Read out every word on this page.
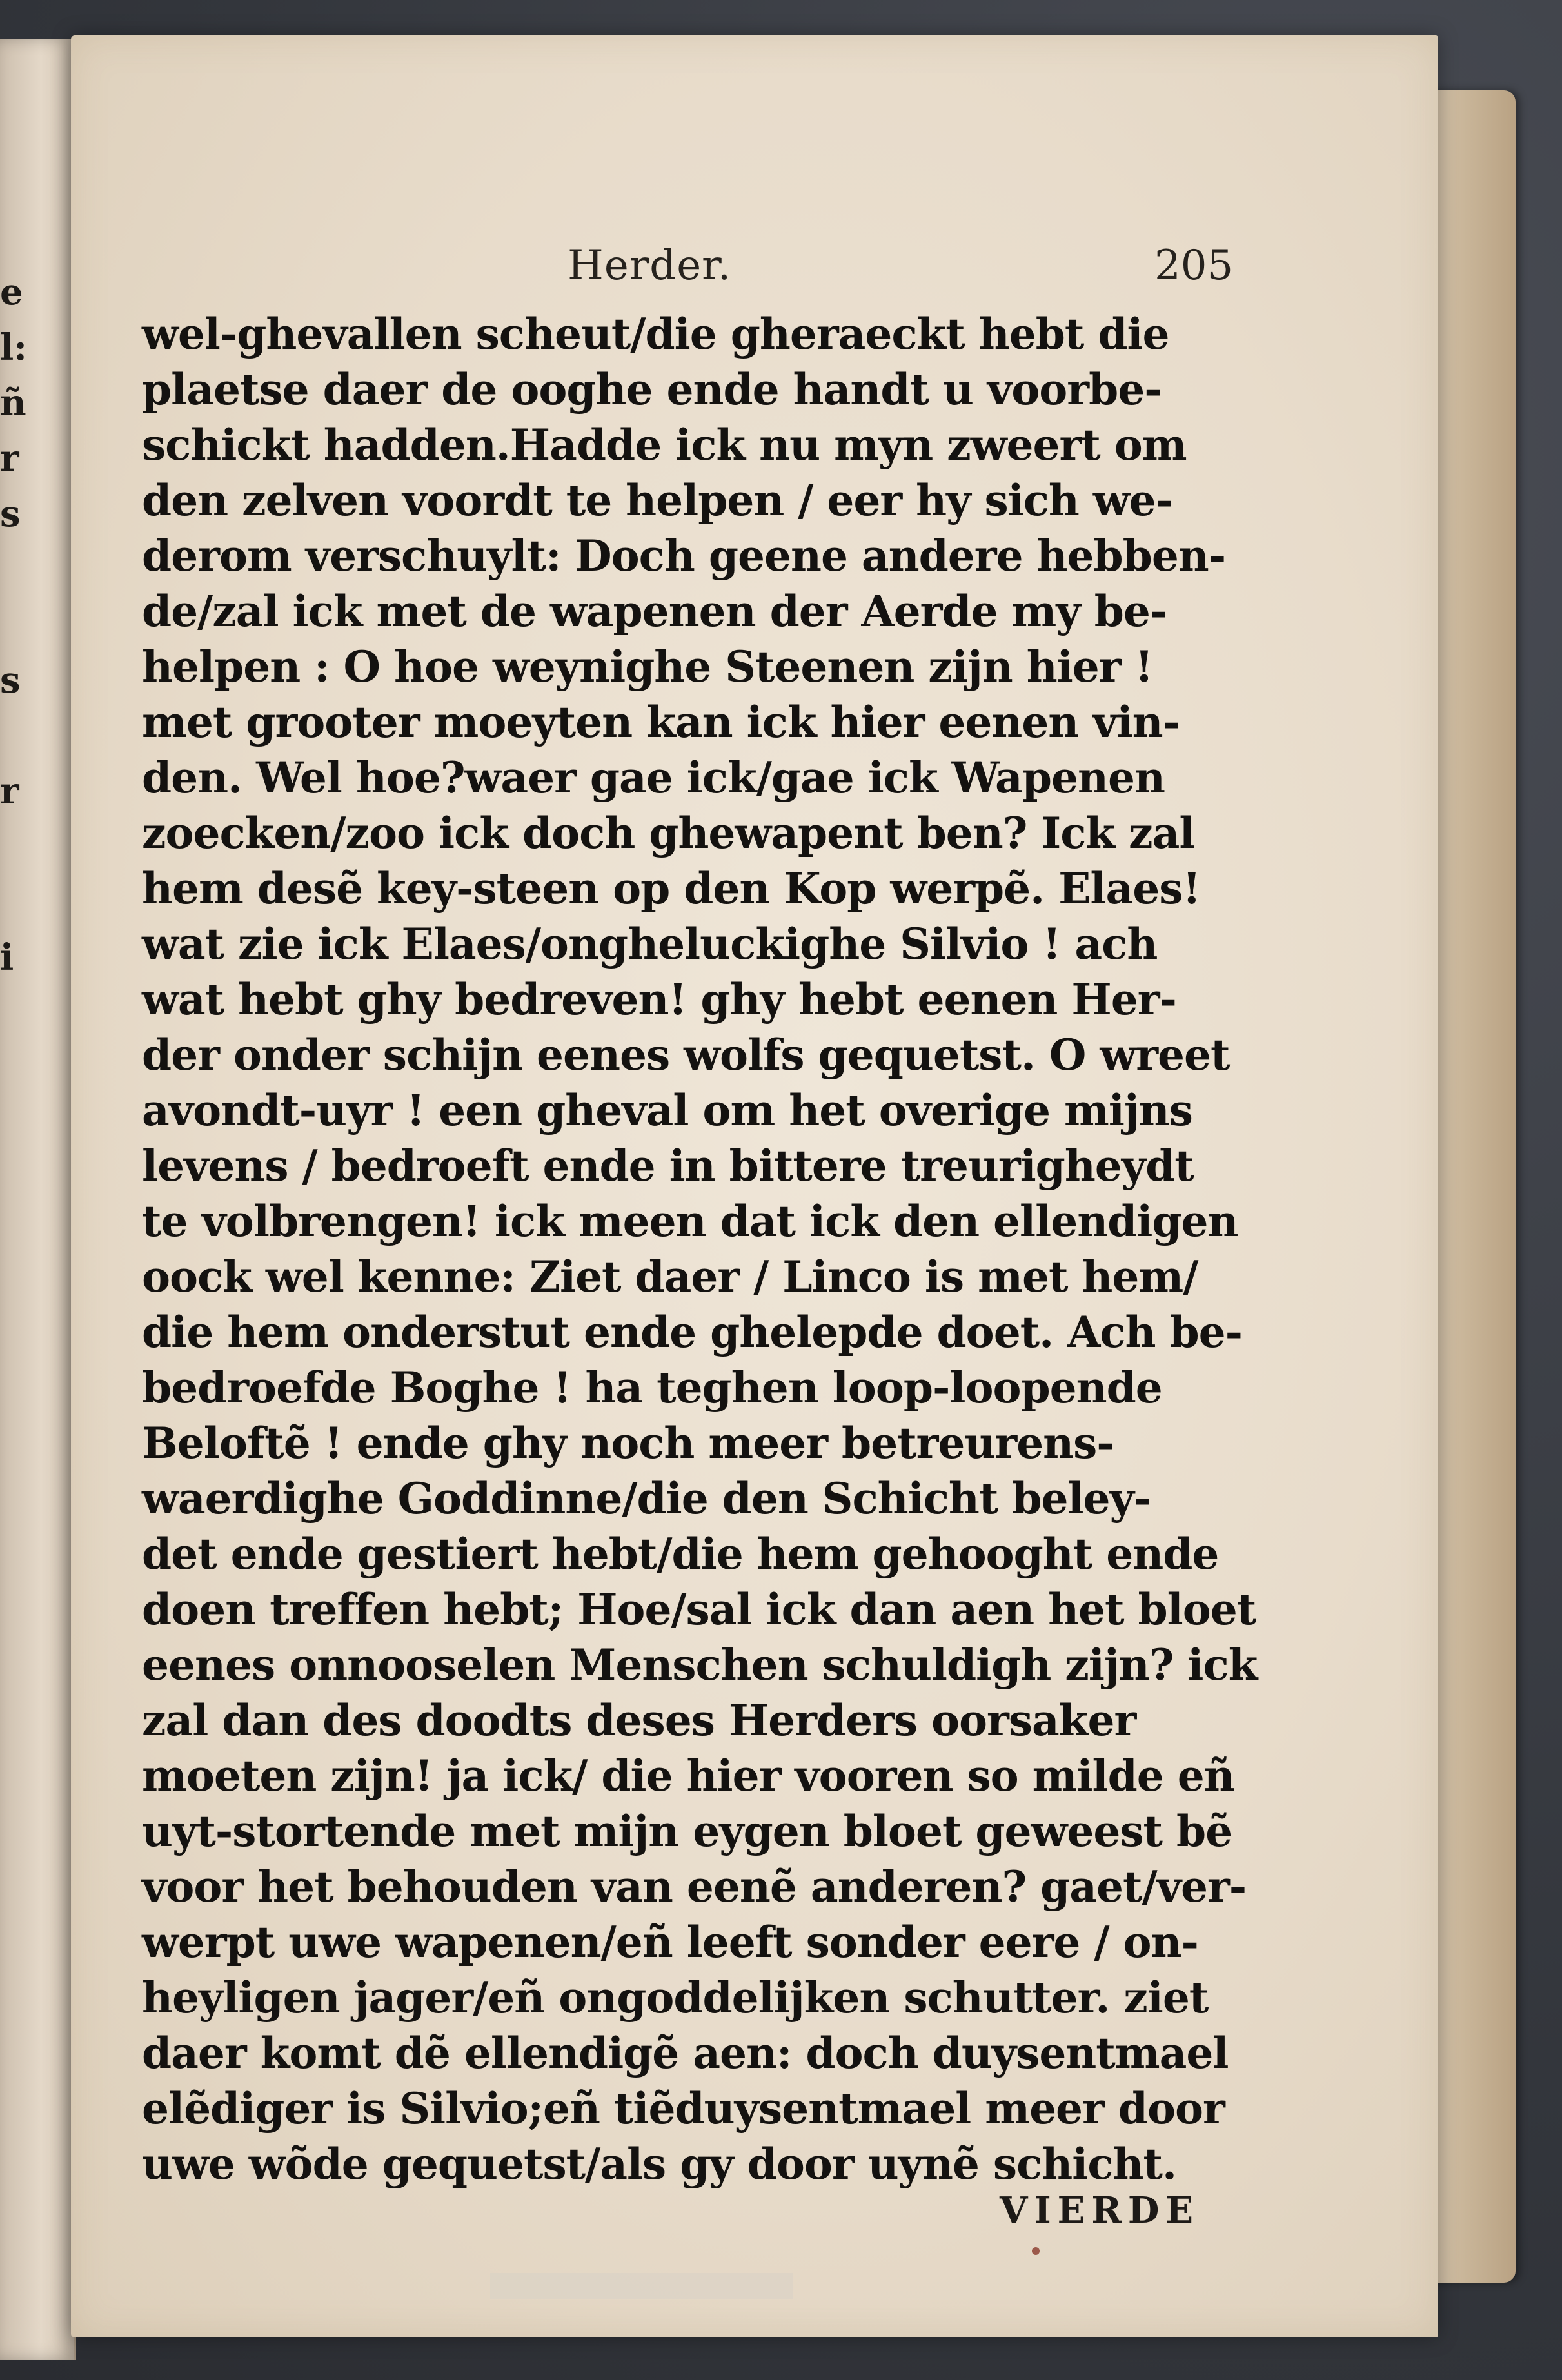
e
l:
ñ
r
s
s
r
i
Herder.	205
wel-ghevallen scheut/die gheraeckt hebt die
plaetse daer de ooghe ende handt u voorbe-
schickt hadden.Hadde ick nu myn zweert om
den zelven voordt te helpen / eer hy sich we-
derom verschuylt: Doch geene andere hebben-
de/zal ick met de wapenen der Aerde my be-
helpen : O hoe weynighe Steenen zijn hier !
met grooter moeyten kan ick hier eenen vin-
den. Wel hoe?waer gae ick/gae ick Wapenen
zoecken/zoo ick doch ghewapent ben? Ick zal
hem desẽ key-steen op den Kop werpẽ. Elaes!
wat zie ick Elaes/ongheluckighe Silvio ! ach
wat hebt ghy bedreven! ghy hebt eenen Her-
der onder schijn eenes wolfs gequetst. O wreet
avondt-uyr ! een gheval om het overige mijns
levens / bedroeft ende in bittere treurigheydt
te volbrengen! ick meen dat ick den ellendigen
oock wel kenne: Ziet daer / Linco is met hem/
die hem onderstut ende ghelepde doet. Ach be-
bedroefde Boghe ! ha teghen loop-loopende
Beloftẽ ! ende ghy noch meer betreurens-
waerdighe Goddinne/die den Schicht beley-
det ende gestiert hebt/die hem gehooght ende
doen treffen hebt; Hoe/sal ick dan aen het bloet
eenes onnooselen Menschen schuldigh zijn? ick
zal dan des doodts deses Herders oorsaker
moeten zijn! ja ick/ die hier vooren so milde eñ
uyt-stortende met mijn eygen bloet geweest bẽ
voor het behouden van eenẽ anderen? gaet/ver-
werpt uwe wapenen/eñ leeft sonder eere / on-
heyligen jager/eñ ongoddelijken schutter. ziet
daer komt dẽ ellendigẽ aen: doch duysentmael
elẽdiger is Silvio;eñ tiẽduysentmael meer door
uwe wõde gequetst/als gy door uynẽ schicht.
VIERDE
